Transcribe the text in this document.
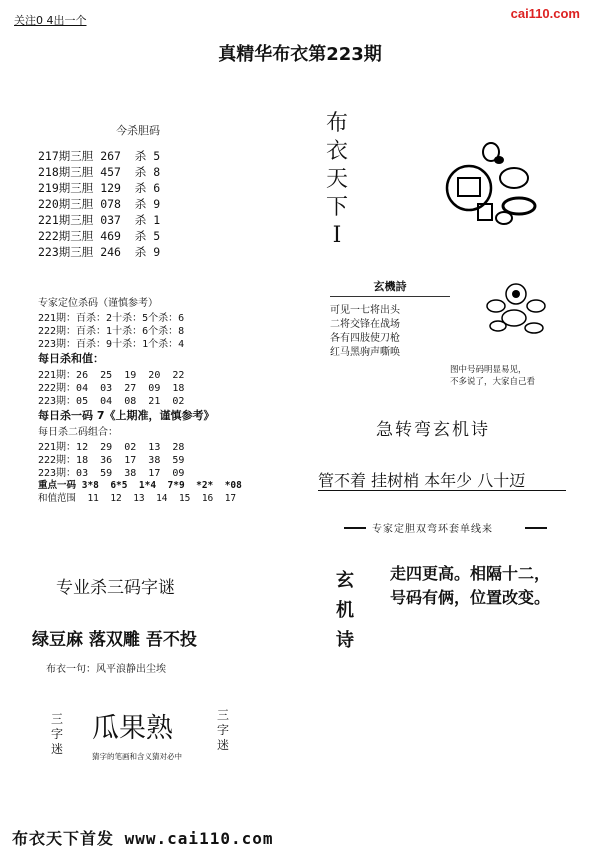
关注0 4出一个	cai110.com
真精华布衣第223期
今杀胆码
217期三胆 267  杀 5
218期三胆 457  杀 8
219期三胆 129  杀 6
220期三胆 078  杀 9
221期三胆 037  杀 1
222期三胆 469  杀 5
223期三胆 246  杀 9
专家定位杀码（谨慎参考）
221期：百杀：2十杀：5个杀：6
222期：百杀：1十杀：6个杀：8
223期：百杀：9十杀：1个杀：4
每日杀和值：
221期：26  25  19  20  22
222期：04  03  27  09  18
223期：05  04  08  21  02
每日杀一码 7《上期准，谨慎参考》
每日杀二码组合：
221期：12  29  02  13  28
222期：18  36  17  38  59
223期：03  59  38  17  09
重点一码 3*8  6*5  1*4  7*9  *2*  *08
和值范围  11  12  13  14  15  16  17
布
衣
天
下
I
玄機詩
可见一七将出头
二将交锋在战场
各有四肢使刀枪
红马黑驹声嘶唤
图中号码明显易见，
不多说了，大家自己看
急转弯玄机诗
管不着 挂树梢 本年少 八十迈
专家定胆双弯环套单线来
玄
机
诗
走四更高。相隔十二，
号码有俩，位置改变。
专业杀三码字谜
绿豆麻 落双雕 吾不投
布衣一句：风平浪静出尘埃
三
字
迷
瓜果熟
猜字的笔画和含义猜对必中
三
字
迷
布衣天下首发 www.cai110.com
